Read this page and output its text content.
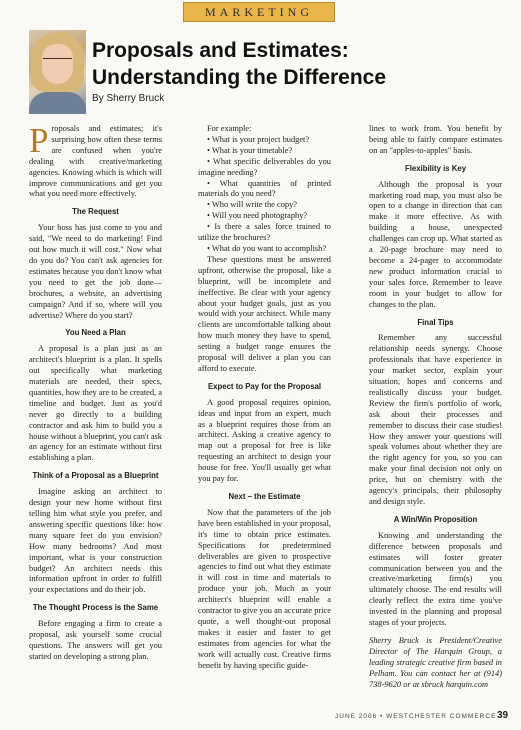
MARKETING
Proposals and Estimates: Understanding the Difference
By Sherry Bruck

Proposals and estimates; it's surprising how often these terms are confused when you're dealing with creative/marketing agencies. Knowing which is which will improve communications and get you what you need more effectively.

The Request

Your boss has just come to you and said, "We need to do marketing! Find out how much it will cost." Now what do you do? You can't ask agencies for estimates because you don't know what you need to get the job done—brochures, a website, an advertising campaign? And if so, where will you advertise? Where do you start?

You Need a Plan

A proposal is a plan just as an architect's blueprint is a plan. It spells out specifically what marketing materials are needed, their specs, quantities, how they are to be created, a timeline and budget. Just as you'd never go directly to a building contractor and ask him to build you a house without a blueprint, you can't ask an agency for an estimate without first establishing a plan.

Think of a Proposal as a Blueprint

Imagine asking an architect to design your new home without first telling him what style you prefer, and answering specific questions like: how many square feet do you envision? How many bedrooms? And most important, what is your construction budget? An architect needs this information upfront in order to fulfill your expectations and do their job.

The Thought Process is the Same

Before engaging a firm to create a proposal, ask yourself some crucial questions. The answers will get you started on developing a strong plan.

For example:

• What is your project budget?

• What is your timetable?

• What specific deliverables do you imagine needing?

• What quantities of printed materials do you need?

• Who will write the copy?

• Will you need photography?

• Is there a sales force trained to utilize the brochures?

• What do you want to accomplish?

These questions must be answered upfront, otherwise the proposal, like a blueprint, will be incomplete and ineffective. Be clear with your agency about your budget goals, just as you would with your architect. While many clients are uncomfortable talking about how much money they have to spend, setting a budget range ensures the proposal will deliver a plan you can afford to execute.

Expect to Pay for the Proposal

A good proposal requires opinion, ideas and input from an expert, much as a blueprint requires those from an architect. Asking a creative agency to map out a proposal for free is like requesting an architect to design your house for free. You'll usually get what you pay for.

Next – the Estimate

Now that the parameters of the job have been established in your proposal, it's time to obtain price estimates. Specifications for predetermined deliverables are given to prospective agencies to find out what they estimate it will cost in time and materials to produce your job. Much as your architect's blueprint will enable a contractor to give you an accurate price quote, a well thought-out proposal makes it easier and faster to get estimates from agencies for what the work will actually cost. Creative firms benefit by having specific guide-

lines to work from. You benefit by being able to fairly compare estimates on an "apples-to-apples" basis.

Flexibility is Key

Although the proposal is your marketing road map, you must also be open to a change in direction that can make it more effective. As with building a house, unexpected challenges can crop up. What started as a 20-page brochure may need to become a 24-pager to accommodate new product information crucial to your sales force. Remember to leave room in your budget to allow for changes to the plan.

Final Tips

Remember any successful relationship needs synergy. Choose professionals that have experience in your market sector, explain your situation, hopes and concerns and realistically discuss your budget. Review the firm's portfolio of work, ask about their processes and remember to discuss their case studies! How they answer your questions will speak volumes about whether they are the right agency for you, so you can make your final decision not only on price, but on chemistry with the agency's principals, their philosophy and design style.

A Win/Win Proposition

Knowing and understanding the difference between proposals and estimates will foster greater communication between you and the creative/marketing firm(s) you ultimately choose. The end results will clearly reflect the extra time you've invested in the planning and proposal stages of your projects.

Sherry Bruck is President/Creative Director of The Harquin Group, a leading strategic creative firm based in Pelham. You can contact her at (914) 738-9620 or at sbruck harquin.com

JUNE 2006 • WESTCHESTER COMMERCE 39
